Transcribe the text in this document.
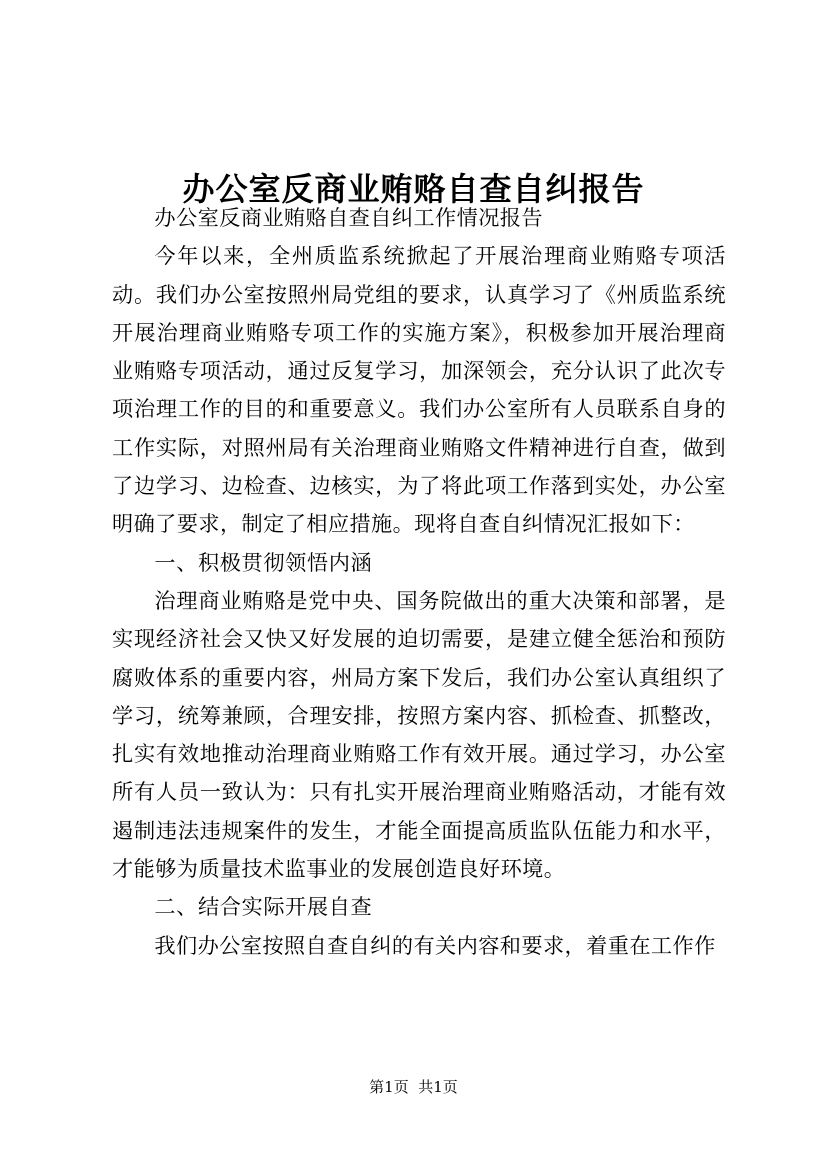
办公室反商业贿赂自查自纠报告

办公室反商业贿赂自查自纠工作情况报告

今年以来，全州质监系统掀起了开展治理商业贿赂专项活动。我们办公室按照州局党组的要求，认真学习了《州质监系统开展治理商业贿赂专项工作的实施方案》，积极参加开展治理商业贿赂专项活动，通过反复学习，加深领会，充分认识了此次专项治理工作的目的和重要意义。我们办公室所有人员联系自身的工作实际，对照州局有关治理商业贿赂文件精神进行自查，做到了边学习、边检查、边核实，为了将此项工作落到实处，办公室明确了要求，制定了相应措施。现将自查自纠情况汇报如下：

一、积极贯彻领悟内涵

治理商业贿赂是党中央、国务院做出的重大决策和部署，是实现经济社会又快又好发展的迫切需要，是建立健全惩治和预防腐败体系的重要内容，州局方案下发后，我们办公室认真组织了学习，统筹兼顾，合理安排，按照方案内容、抓检查、抓整改，扎实有效地推动治理商业贿赂工作有效开展。通过学习，办公室所有人员一致认为：只有扎实开展治理商业贿赂活动，才能有效遏制违法违规案件的发生，才能全面提高质监队伍能力和水平，才能够为质量技术监事业的发展创造良好环境。

二、结合实际开展自查

我们办公室按照自查自纠的有关内容和要求，着重在工作作

第1页 共1页
